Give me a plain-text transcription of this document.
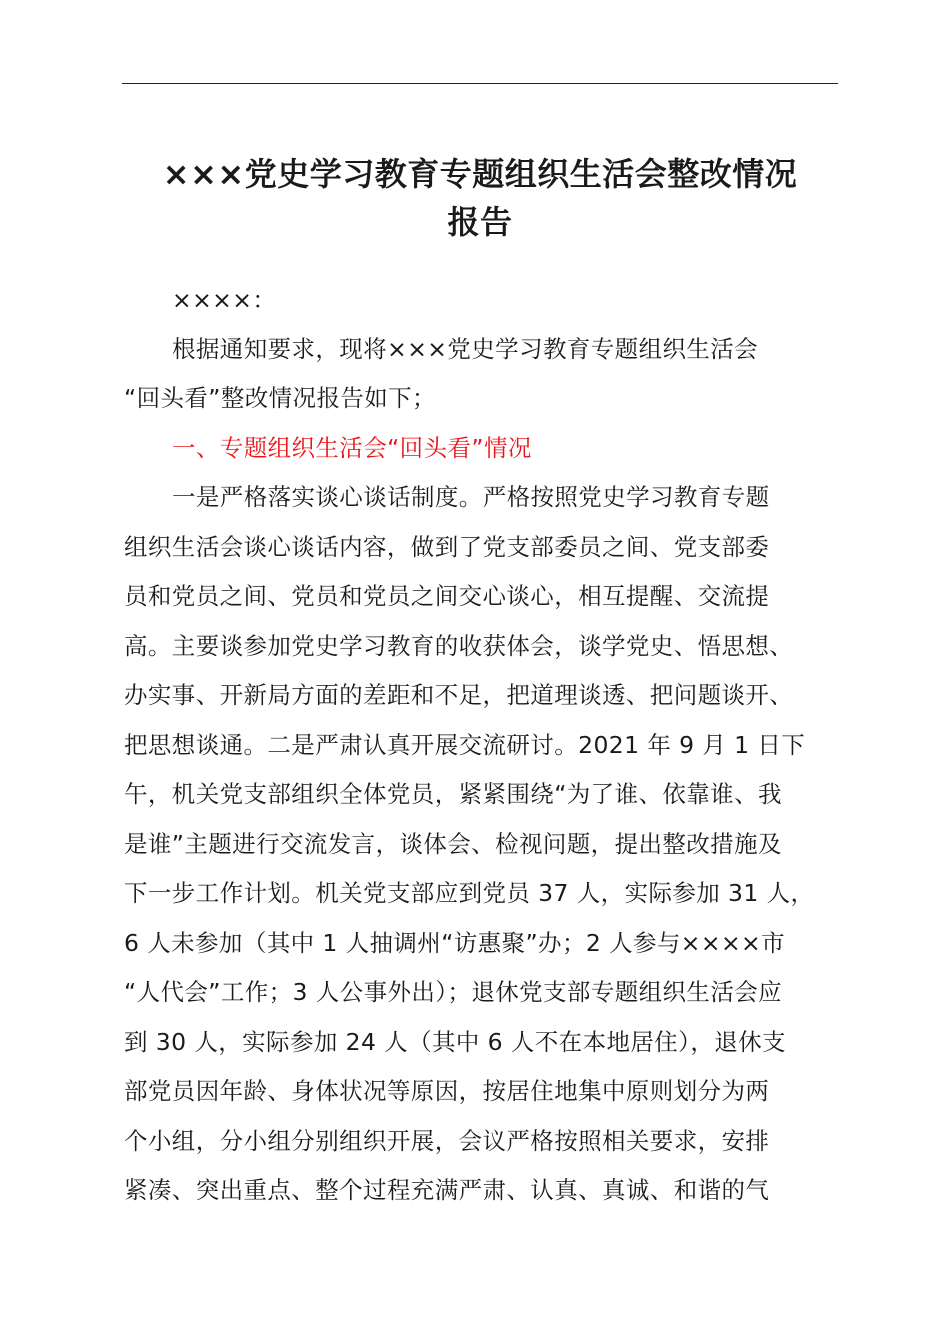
×××党史学习教育专题组织生活会整改情况
报告
××××：
根据通知要求，现将×××党史学习教育专题组织生活会
“回头看”整改情况报告如下；
一、专题组织生活会“回头看”情况
一是严格落实谈心谈话制度。严格按照党史学习教育专题
组织生活会谈心谈话内容，做到了党支部委员之间、党支部委
员和党员之间、党员和党员之间交心谈心，相互提醒、交流提
高。主要谈参加党史学习教育的收获体会，谈学党史、悟思想、
办实事、开新局方面的差距和不足，把道理谈透、把问题谈开、
把思想谈通。二是严肃认真开展交流研讨。2021 年 9 月 1 日下
午，机关党支部组织全体党员，紧紧围绕“为了谁、依靠谁、我
是谁”主题进行交流发言，谈体会、检视问题，提出整改措施及
下一步工作计划。机关党支部应到党员 37 人，实际参加 31 人，
6 人未参加（其中 1 人抽调州“访惠聚”办；2 人参与××××市
“人代会”工作；3 人公事外出）；退休党支部专题组织生活会应
到 30 人，实际参加 24 人（其中 6 人不在本地居住），退休支
部党员因年龄、身体状况等原因，按居住地集中原则划分为两
个小组，分小组分别组织开展，会议严格按照相关要求，安排
紧凑、突出重点、整个过程充满严肃、认真、真诚、和谐的气
